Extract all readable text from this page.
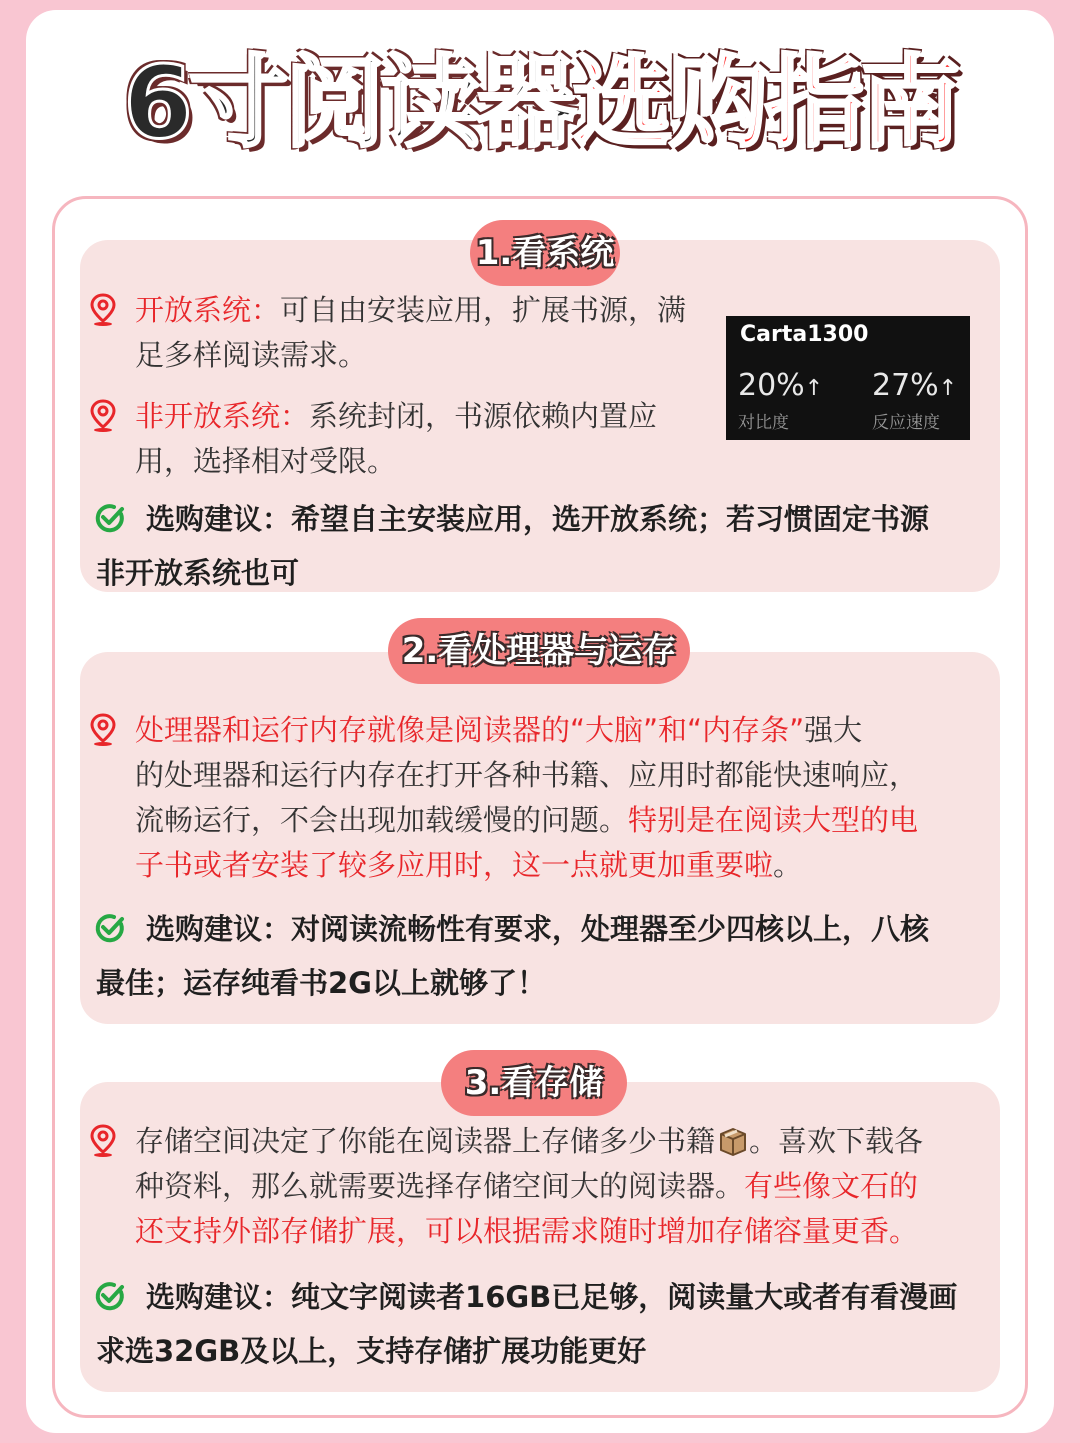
6寸阅读器选购指南
1.看系统
开放系统：可自由安装应用，扩展书源，满
足多样阅读需求。
非开放系统：系统封闭，书源依赖内置应
用，选择相对受限。
Carta1300
20%↑
对比度
27%↑
反应速度
选购建议：希望自主安装应用，选开放系统；若习惯固定书源
非开放系统也可
2.看处理器与运存
处理器和运行内存就像是阅读器的“大脑”和“内存条”强大
的处理器和运行内存在打开各种书籍、应用时都能快速响应，
流畅运行，不会出现加载缓慢的问题。特别是在阅读大型的电
子书或者安装了较多应用时，这一点就更加重要啦。
选购建议：对阅读流畅性有要求，处理器至少四核以上，八核
最佳；运存纯看书2G以上就够了！
3.看存储
存储空间决定了你能在阅读器上存储多少书籍 。喜欢下载各
种资料，那么就需要选择存储空间大的阅读器。有些像文石的
还支持外部存储扩展，可以根据需求随时增加存储容量更香。
选购建议：纯文字阅读者16GB已足够，阅读量大或者有看漫画
求选32GB及以上，支持存储扩展功能更好
